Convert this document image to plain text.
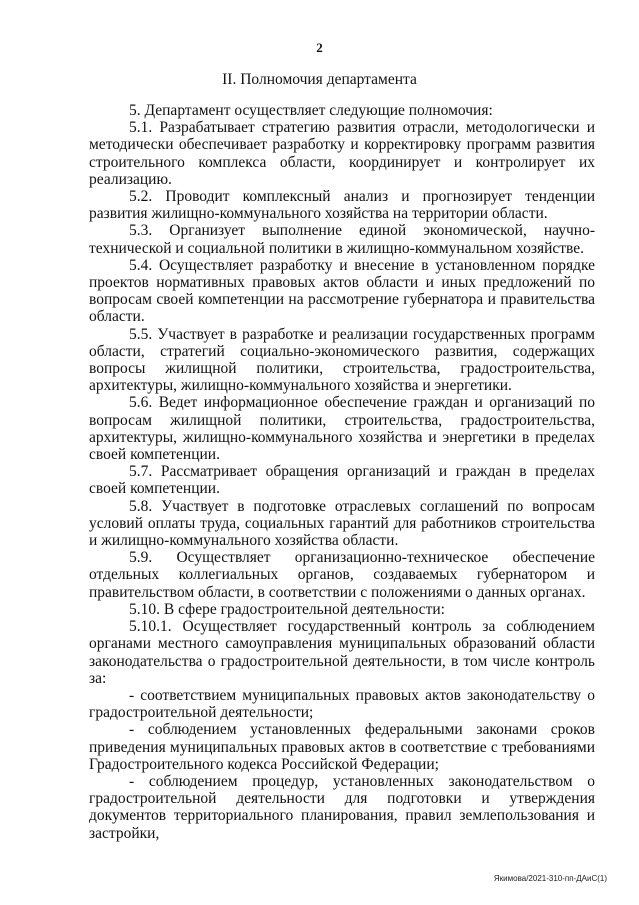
2
II. Полномочия департамента

5. Департамент осуществляет следующие полномочия:

5.1. Разрабатывает стратегию развития отрасли, методологически и методически обеспечивает разработку и корректировку программ развития строительного комплекса области, координирует и контролирует их реализацию.

5.2. Проводит комплексный анализ и прогнозирует тенденции развития жилищно-коммунального хозяйства на территории области.

5.3. Организует выполнение единой экономической, научно-технической и социальной политики в жилищно-коммунальном хозяйстве.

5.4. Осуществляет разработку и внесение в установленном порядке проектов нормативных правовых актов области и иных предложений по вопросам своей компетенции на рассмотрение губернатора и правительства области.

5.5. Участвует в разработке и реализации государственных программ области, стратегий социально-экономического развития, содержащих вопросы жилищной политики, строительства, градостроительства, архитектуры, жилищно-коммунального хозяйства и энергетики.

5.6. Ведет информационное обеспечение граждан и организаций по вопросам жилищной политики, строительства, градостроительства, архитектуры, жилищно-коммунального хозяйства и энергетики в пределах своей компетенции.

5.7. Рассматривает обращения организаций и граждан в пределах своей компетенции.

5.8. Участвует в подготовке отраслевых соглашений по вопросам условий оплаты труда, социальных гарантий для работников строительства и жилищно-коммунального хозяйства области.

5.9. Осуществляет организационно-техническое обеспечение отдельных коллегиальных органов, создаваемых губернатором и правительством области, в соответствии с положениями о данных органах.

5.10. В сфере градостроительной деятельности:

5.10.1. Осуществляет государственный контроль за соблюдением органами местного самоуправления муниципальных образований области законодательства о градостроительной деятельности, в том числе контроль за:

- соответствием муниципальных правовых актов законодательству о градостроительной деятельности;

- соблюдением установленных федеральными законами сроков приведения муниципальных правовых актов в соответствие с требованиями Градостроительного кодекса Российской Федерации;

- соблюдением процедур, установленных законодательством о градостроительной деятельности для подготовки и утверждения документов территориального планирования, правил землепользования и застройки,

Якимова/2021-310-пп-ДАиС(1)
